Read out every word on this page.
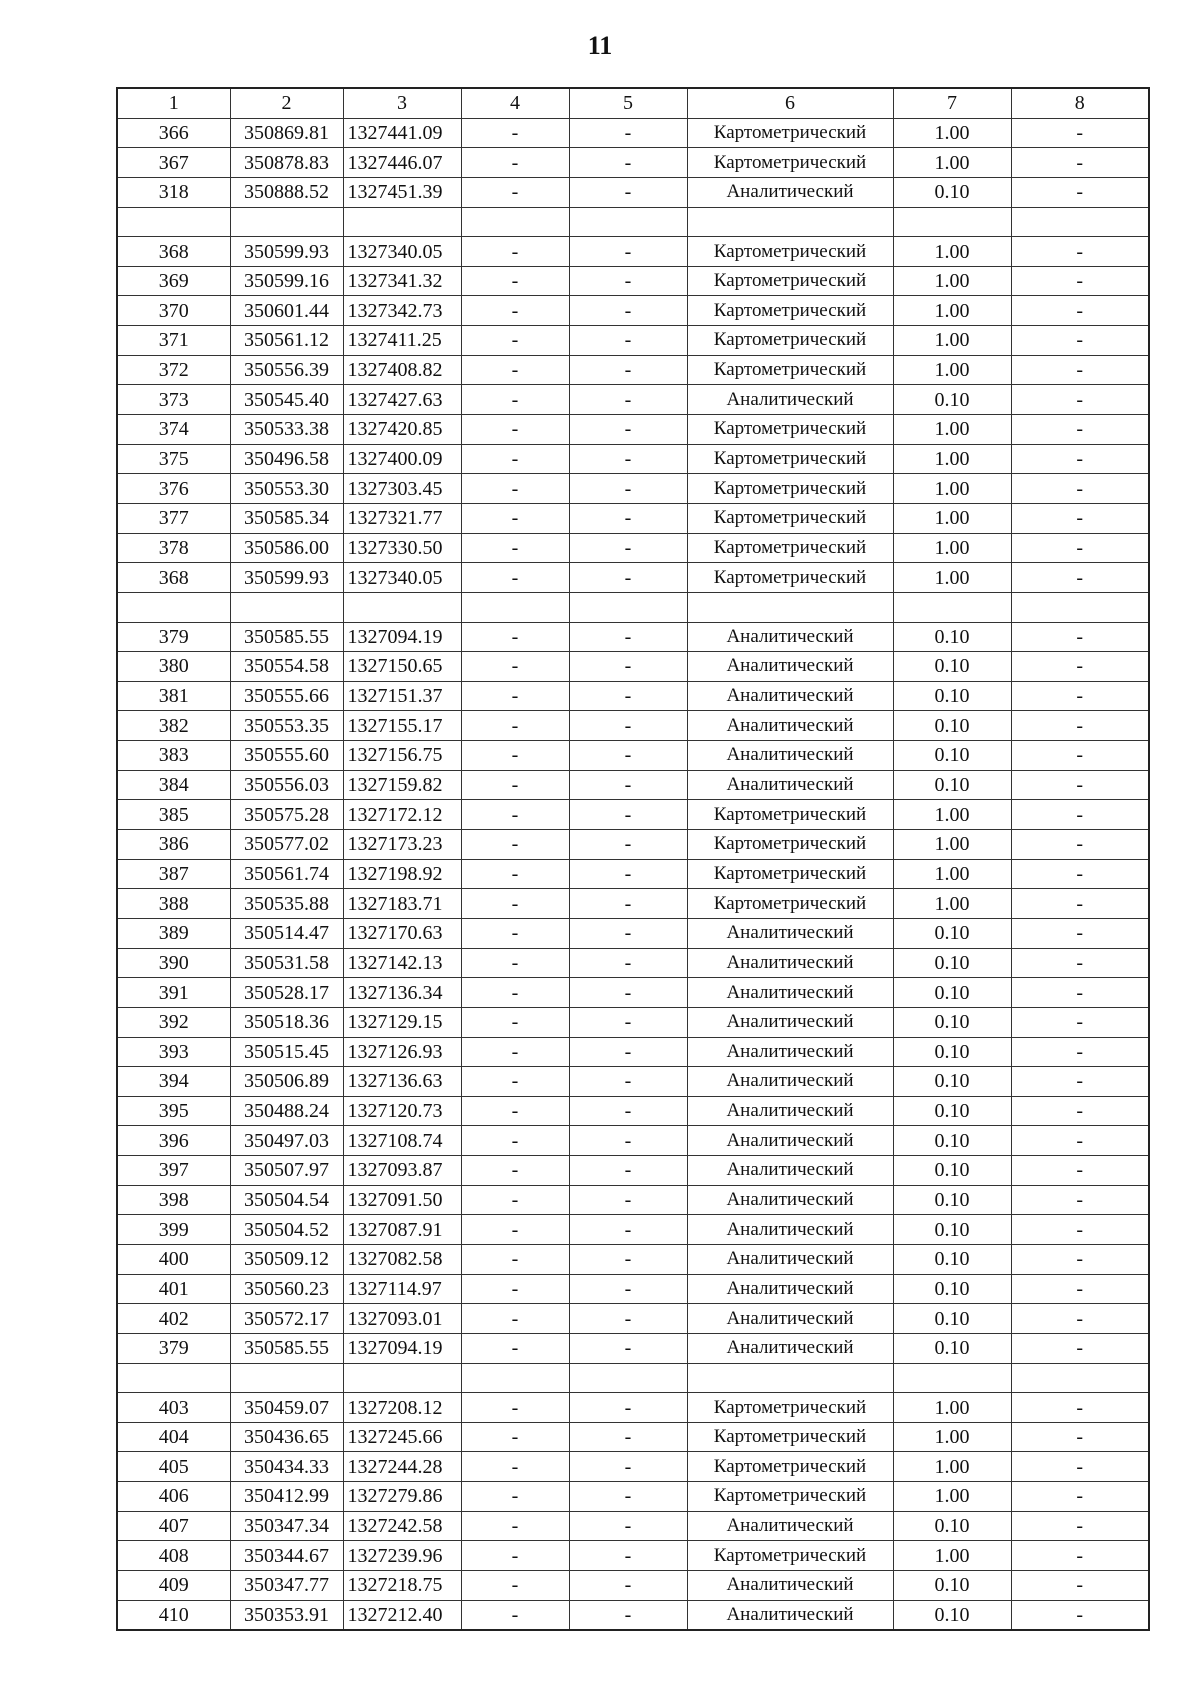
11
1	2	3	4	5	6	7	8
366	350869.81	1327441.09	-	-	Картометрический	1.00	-
367	350878.83	1327446.07	-	-	Картометрический	1.00	-
318	350888.52	1327451.39	-	-	Аналитический	0.10	-

368	350599.93	1327340.05	-	-	Картометрический	1.00	-
369	350599.16	1327341.32	-	-	Картометрический	1.00	-
370	350601.44	1327342.73	-	-	Картометрический	1.00	-
371	350561.12	1327411.25	-	-	Картометрический	1.00	-
372	350556.39	1327408.82	-	-	Картометрический	1.00	-
373	350545.40	1327427.63	-	-	Аналитический	0.10	-
374	350533.38	1327420.85	-	-	Картометрический	1.00	-
375	350496.58	1327400.09	-	-	Картометрический	1.00	-
376	350553.30	1327303.45	-	-	Картометрический	1.00	-
377	350585.34	1327321.77	-	-	Картометрический	1.00	-
378	350586.00	1327330.50	-	-	Картометрический	1.00	-
368	350599.93	1327340.05	-	-	Картометрический	1.00	-

379	350585.55	1327094.19	-	-	Аналитический	0.10	-
380	350554.58	1327150.65	-	-	Аналитический	0.10	-
381	350555.66	1327151.37	-	-	Аналитический	0.10	-
382	350553.35	1327155.17	-	-	Аналитический	0.10	-
383	350555.60	1327156.75	-	-	Аналитический	0.10	-
384	350556.03	1327159.82	-	-	Аналитический	0.10	-
385	350575.28	1327172.12	-	-	Картометрический	1.00	-
386	350577.02	1327173.23	-	-	Картометрический	1.00	-
387	350561.74	1327198.92	-	-	Картометрический	1.00	-
388	350535.88	1327183.71	-	-	Картометрический	1.00	-
389	350514.47	1327170.63	-	-	Аналитический	0.10	-
390	350531.58	1327142.13	-	-	Аналитический	0.10	-
391	350528.17	1327136.34	-	-	Аналитический	0.10	-
392	350518.36	1327129.15	-	-	Аналитический	0.10	-
393	350515.45	1327126.93	-	-	Аналитический	0.10	-
394	350506.89	1327136.63	-	-	Аналитический	0.10	-
395	350488.24	1327120.73	-	-	Аналитический	0.10	-
396	350497.03	1327108.74	-	-	Аналитический	0.10	-
397	350507.97	1327093.87	-	-	Аналитический	0.10	-
398	350504.54	1327091.50	-	-	Аналитический	0.10	-
399	350504.52	1327087.91	-	-	Аналитический	0.10	-
400	350509.12	1327082.58	-	-	Аналитический	0.10	-
401	350560.23	1327114.97	-	-	Аналитический	0.10	-
402	350572.17	1327093.01	-	-	Аналитический	0.10	-
379	350585.55	1327094.19	-	-	Аналитический	0.10	-

403	350459.07	1327208.12	-	-	Картометрический	1.00	-
404	350436.65	1327245.66	-	-	Картометрический	1.00	-
405	350434.33	1327244.28	-	-	Картометрический	1.00	-
406	350412.99	1327279.86	-	-	Картометрический	1.00	-
407	350347.34	1327242.58	-	-	Аналитический	0.10	-
408	350344.67	1327239.96	-	-	Картометрический	1.00	-
409	350347.77	1327218.75	-	-	Аналитический	0.10	-
410	350353.91	1327212.40	-	-	Аналитический	0.10	-
